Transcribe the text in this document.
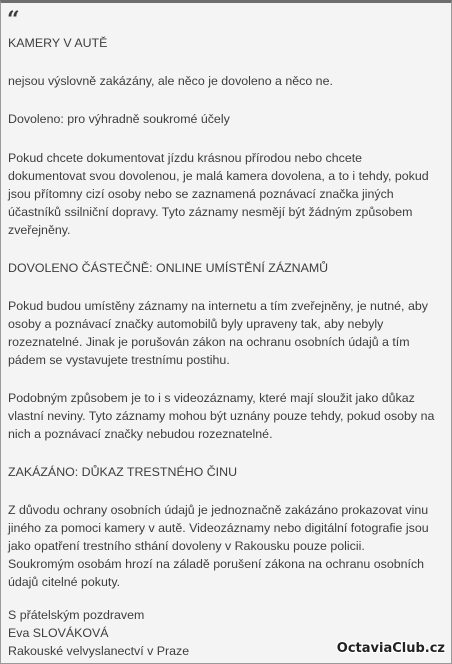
“

KAMERY V AUTĚ

nejsou výslovně zakázány, ale něco je dovoleno a něco ne.

Dovoleno: pro výhradně soukromé účely

Pokud chcete dokumentovat jízdu krásnou přírodou nebo chcete dokumentovat svou dovolenou, je malá kamera dovolena, a to i tehdy, pokud jsou přítomny cizí osoby nebo se zaznamená poznávací značka jiných účastníků ssilniční dopravy. Tyto záznamy nesmějí být žádným způsobem zveřejněny.

DOVOLENO ČÁSTEČNĚ: ONLINE UMÍSTĚNÍ ZÁZNAMŮ

Pokud budou umístěny záznamy na internetu a tím zveřejněny, je nutné, aby osoby a poznávací značky automobilů byly upraveny tak, aby nebyly rozeznatelné. Jinak je porušován zákon na ochranu osobních údajů a tím pádem se vystavujete trestnímu postihu.

Podobným způsobem je to i s videozáznamy, které mají sloužit jako důkaz vlastní neviny. Tyto záznamy mohou být uznány pouze tehdy, pokud osoby na nich a poznávací značky nebudou rozeznatelné.

ZAKÁZÁNO: DŮKAZ TRESTNÉHO ČINU

Z důvodu ochrany osobních údajů je jednoznačně zakázáno prokazovat vinu jiného za pomoci kamery v autě. Videozáznamy nebo digitální fotografie jsou jako opatření trestního sthání dovoleny v Rakousku pouze policii. Soukromým osobám hrozí na záladě porušení zákona na ochranu osobních údajů citelné pokuty.

S přátelským pozdravem
Eva SLOVÁKOVÁ
Rakouské velvyslanectví v Praze	OctaviaClub.cz
